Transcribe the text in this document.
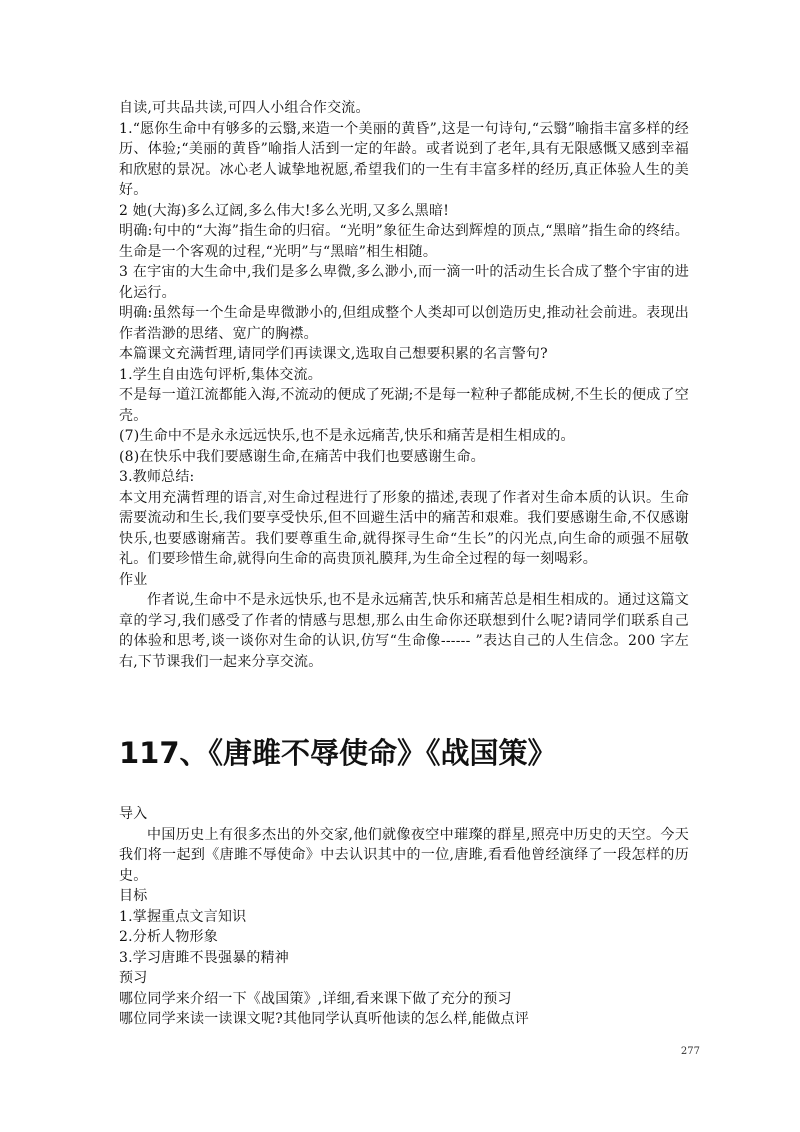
自读,可共品共读,可四人小组合作交流。

1.“愿你生命中有够多的云翳,来造一个美丽的黄昏”,这是一句诗句,“云翳”喻指丰富多样的经历、体验;“美丽的黄昏”喻指人活到一定的年龄。或者说到了老年,具有无限感慨又感到幸福和欣慰的景况。冰心老人诚挚地祝愿,希望我们的一生有丰富多样的经历,真正体验人生的美好。

2 她(大海)多么辽阔,多么伟大!多么光明,又多么黑暗!

明确:句中的“大海”指生命的归宿。“光明”象征生命达到辉煌的顶点,“黑暗”指生命的终结。生命是一个客观的过程,“光明”与“黑暗”相生相随。

3 在宇宙的大生命中,我们是多么卑微,多么渺小,而一滴一叶的活动生长合成了整个宇宙的进化运行。

明确:虽然每一个生命是卑微渺小的,但组成整个人类却可以创造历史,推动社会前进。表现出作者浩渺的思绪、宽广的胸襟。

本篇课文充满哲理,请同学们再读课文,选取自己想要积累的名言警句?

1.学生自由选句评析,集体交流。

不是每一道江流都能入海,不流动的便成了死湖;不是每一粒种子都能成树,不生长的便成了空壳。

(7)生命中不是永永远远快乐,也不是永远痛苦,快乐和痛苦是相生相成的。

(8)在快乐中我们要感谢生命,在痛苦中我们也要感谢生命。

3.教师总结:

本文用充满哲理的语言,对生命过程进行了形象的描述,表现了作者对生命本质的认识。生命需要流动和生长,我们要享受快乐,但不回避生活中的痛苦和艰难。我们要感谢生命,不仅感谢快乐,也要感谢痛苦。我们要尊重生命,就得探寻生命“生长”的闪光点,向生命的顽强不屈敬礼。们要珍惜生命,就得向生命的高贵顶礼膜拜,为生命全过程的每一刻喝彩。

作业

作者说,生命中不是永远快乐,也不是永远痛苦,快乐和痛苦总是相生相成的。通过这篇文章的学习,我们感受了作者的情感与思想,那么由生命你还联想到什么呢?请同学们联系自己的体验和思考,谈一谈你对生命的认识,仿写“生命像------ ”表达自己的人生信念。200 字左右,下节课我们一起来分享交流。

117、《唐雎不辱使命》《战国策》

导入

中国历史上有很多杰出的外交家,他们就像夜空中璀璨的群星,照亮中历史的天空。今天我们将一起到《唐雎不辱使命》中去认识其中的一位,唐雎,看看他曾经演绎了一段怎样的历史。

目标

1.掌握重点文言知识

2.分析人物形象

3.学习唐雎不畏强暴的精神

预习

哪位同学来介绍一下《战国策》,详细,看来课下做了充分的预习

哪位同学来读一读课文呢?其他同学认真听他读的怎么样,能做点评

277
